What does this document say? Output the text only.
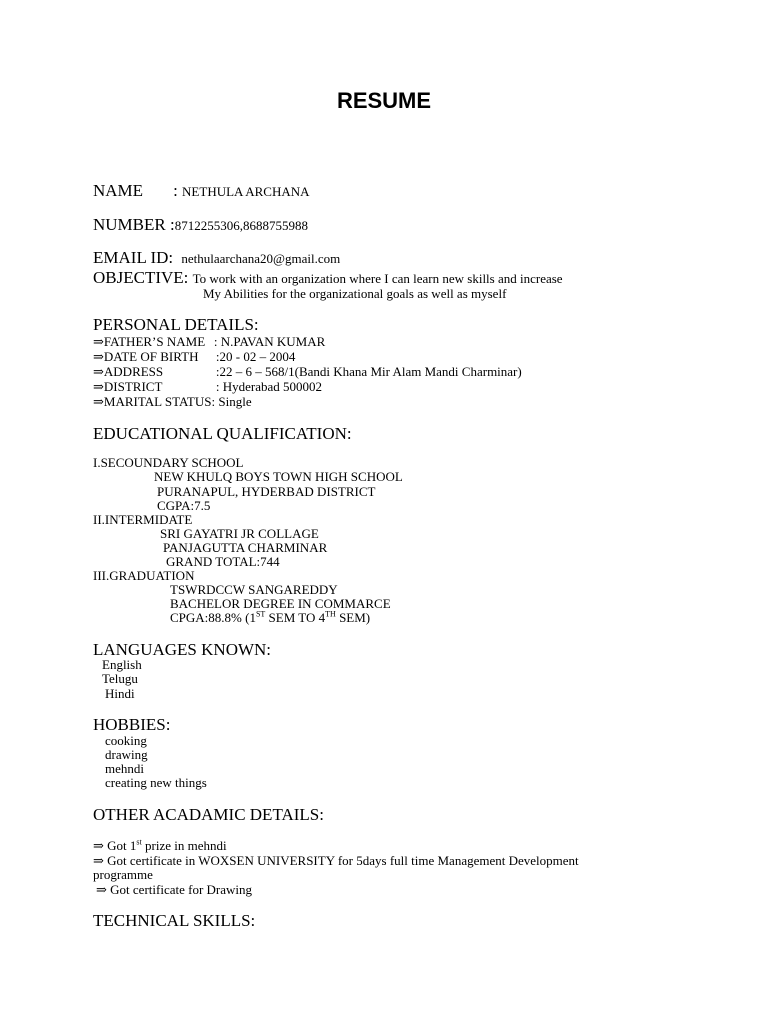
RESUME
NAME : NETHULA ARCHANA
NUMBER :8712255306,8688755988
EMAIL ID: nethulaarchana20@gmail.com
OBJECTIVE: To work with an organization where I can learn new skills and increase
My Abilities for the organizational goals as well as myself
PERSONAL DETAILS:
⇒FATHER’S NAME : N.PAVAN KUMAR
⇒DATE OF BIRTH :20 - 02 – 2004
⇒ADDRESS	:22 – 6 – 568/1(Bandi Khana Mir Alam Mandi Charminar)
⇒DISTRICT	: Hyderabad 500002
⇒MARITAL STATUS: Single
EDUCATIONAL QUALIFICATION:
I.SECOUNDARY SCHOOL
NEW KHULQ BOYS TOWN HIGH SCHOOL
PURANAPUL, HYDERBAD DISTRICT
CGPA:7.5
II.INTERMIDATE
SRI GAYATRI JR COLLAGE
PANJAGUTTA CHARMINAR
GRAND TOTAL:744
III.GRADUATION
TSWRDCCW SANGAREDDY
BACHELOR DEGREE IN COMMARCE
CPGA:88.8% (1ST SEM TO 4TH SEM)
LANGUAGES KNOWN:
English
Telugu
Hindi
HOBBIES:
cooking
drawing
mehndi
creating new things
OTHER ACADAMIC DETAILS:
⇒ Got 1st prize in mehndi
⇒ Got certificate in WOXSEN UNIVERSITY for 5days full time Management Development
programme
⇒ Got certificate for Drawing
TECHNICAL SKILLS:
